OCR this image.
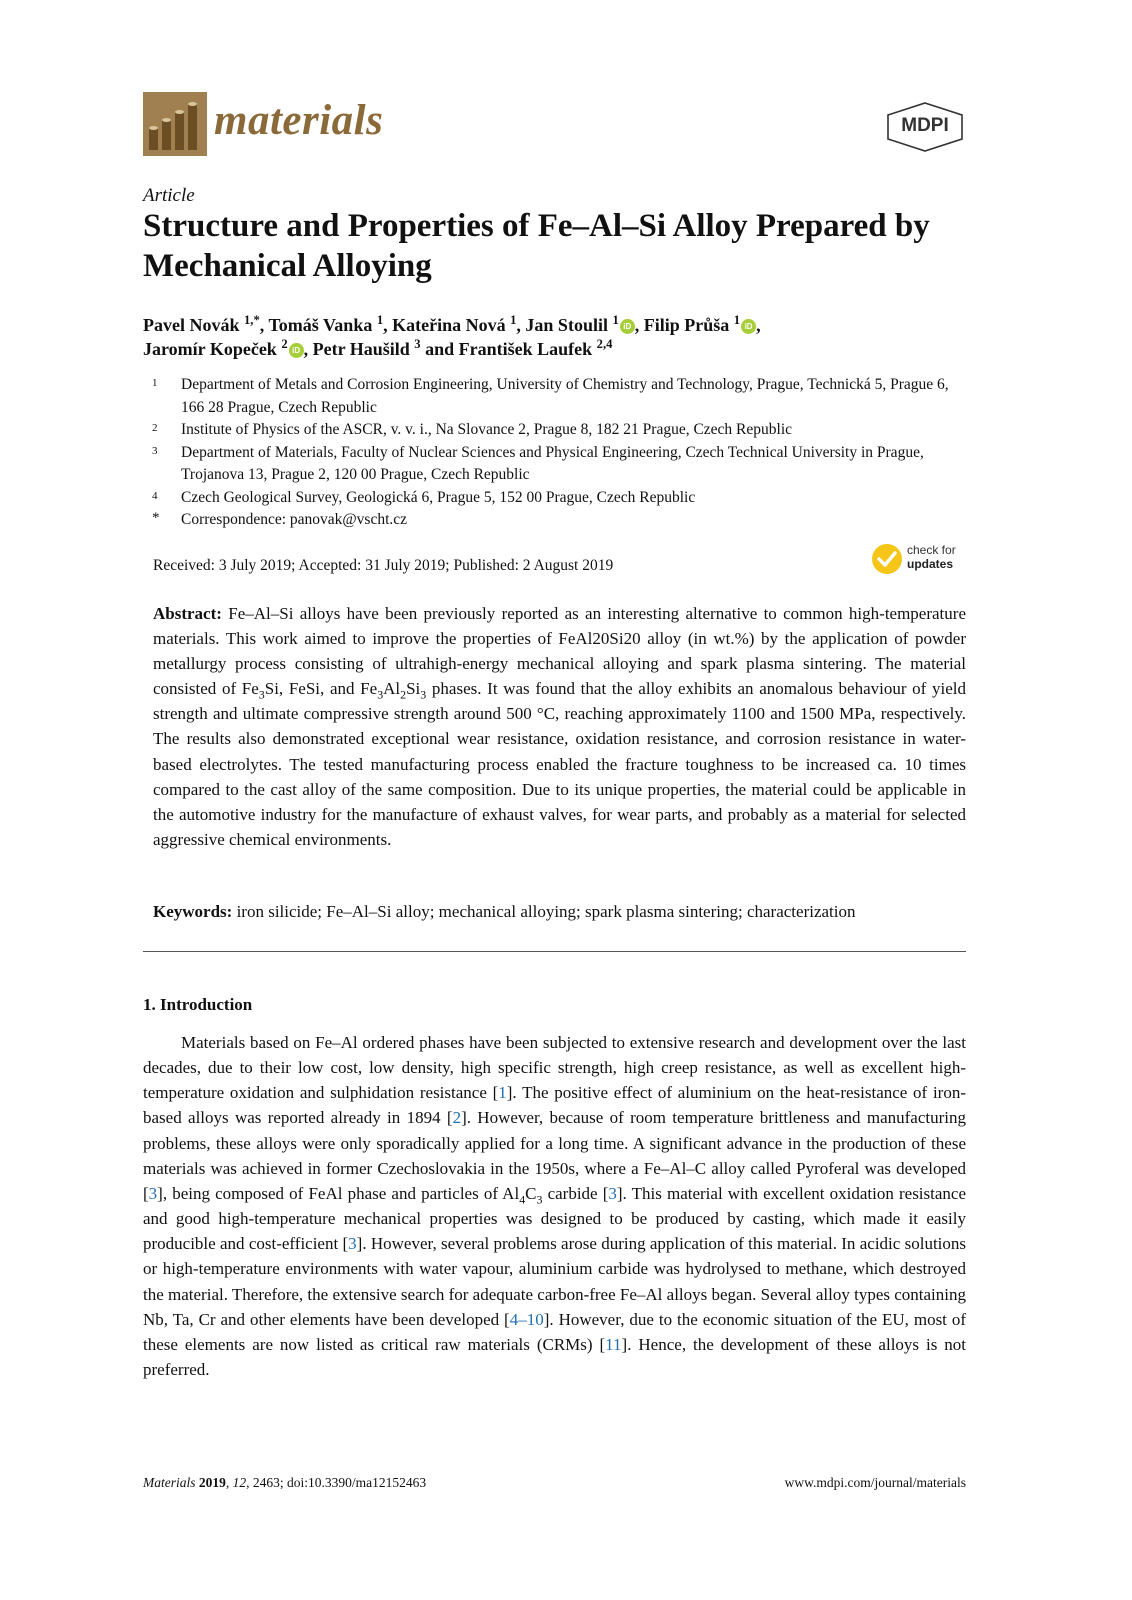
materials	MDPI
Article
Structure and Properties of Fe–Al–Si Alloy Prepared by Mechanical Alloying
Pavel Novák $^{1,*}$, Tomáš Vanka $^1$, Kateřina Nová $^1$, Jan Stoulil $^1$ iD , Filip Průša $^1$ iD ,
Jaromír Kopeček $^2$ iD , Petr Haušild $^3$ and František Laufek $^{2,4}$
1	Department of Metals and Corrosion Engineering, University of Chemistry and Technology, Prague, Technická 5, Prague 6, 166 28 Prague, Czech Republic
2	Institute of Physics of the ASCR, v. v. i., Na Slovance 2, Prague 8, 182 21 Prague, Czech Republic
3	Department of Materials, Faculty of Nuclear Sciences and Physical Engineering, Czech Technical University in Prague, Trojanova 13, Prague 2, 120 00 Prague, Czech Republic
4	Czech Geological Survey, Geologická 6, Prague 5, 152 00 Prague, Czech Republic
*	Correspondence: panovak@vscht.cz
Received: 3 July 2019; Accepted: 31 July 2019; Published: 2 August 2019
check for
updates
Abstract: Fe–Al–Si alloys have been previously reported as an interesting alternative to common high-temperature materials. This work aimed to improve the properties of FeAl20Si20 alloy (in wt.%) by the application of powder metallurgy process consisting of ultrahigh-energy mechanical alloying and spark plasma sintering. The material consisted of $Fe_3Si$, FeSi, and $Fe_3Al_2Si_3$ phases. It was found that the alloy exhibits an anomalous behaviour of yield strength and ultimate compressive strength around 500 °C, reaching approximately 1100 and 1500 MPa, respectively. The results also demonstrated exceptional wear resistance, oxidation resistance, and corrosion resistance in water-based electrolytes. The tested manufacturing process enabled the fracture toughness to be increased ca. 10 times compared to the cast alloy of the same composition. Due to its unique properties, the material could be applicable in the automotive industry for the manufacture of exhaust valves, for wear parts, and probably as a material for selected aggressive chemical environments.
Keywords: iron silicide; Fe–Al–Si alloy; mechanical alloying; spark plasma sintering; characterization
1. Introduction
Materials based on Fe–Al ordered phases have been subjected to extensive research and development over the last decades, due to their low cost, low density, high specific strength, high creep resistance, as well as excellent high-temperature oxidation and sulphidation resistance [1]. The positive effect of aluminium on the heat-resistance of iron-based alloys was reported already in 1894 [2]. However, because of room temperature brittleness and manufacturing problems, these alloys were only sporadically applied for a long time. A significant advance in the production of these materials was achieved in former Czechoslovakia in the 1950s, where a Fe–Al–C alloy called Pyroferal was developed [3], being composed of FeAl phase and particles of $Al_4C_3$ carbide [3]. This material with excellent oxidation resistance and good high-temperature mechanical properties was designed to be produced by casting, which made it easily producible and cost-efficient [3]. However, several problems arose during application of this material. In acidic solutions or high-temperature environments with water vapour, aluminium carbide was hydrolysed to methane, which destroyed the material. Therefore, the extensive search for adequate carbon-free Fe–Al alloys began. Several alloy types containing Nb, Ta, Cr and other elements have been developed [4–10]. However, due to the economic situation of the EU, most of these elements are now listed as critical raw materials (CRMs) [11]. Hence, the development of these alloys is not preferred.
Materials 2019, 12, 2463; doi:10.3390/ma12152463	www.mdpi.com/journal/materials
